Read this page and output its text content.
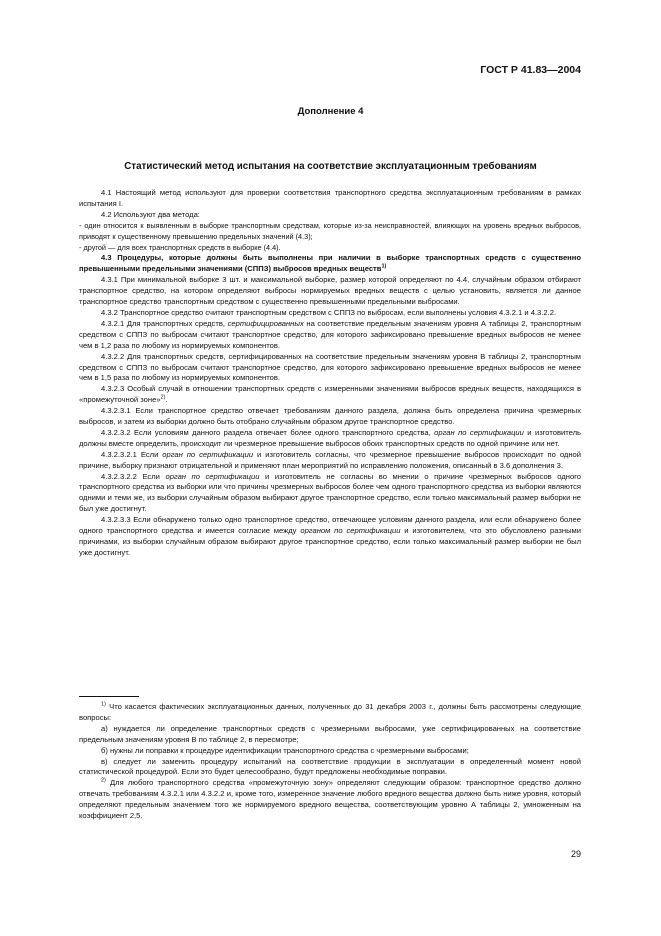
ГОСТ Р 41.83—2004
Дополнение 4
Статистический метод испытания на соответствие эксплуатационным требованиям

4.1 Настоящий метод используют для проверки соответствия транспортного средства эксплуатационным требованиям в рамках испытания I.

4.2 Используют два метода:

- один относится к выявленным в выборке транспортным средствам, которые из-за неисправностей, влияющих на уровень вредных выбросов, приводят к существенному превышению предельных значений (4.3);

- другой — для всех транспортных средств в выборке (4.4).

4.3 Процедуры, которые должны быть выполнены при наличии в выборке транспортных средств с существенно превышенными предельными значениями (СППЗ) выбросов вредных веществ$^{1)}$

4.3.1 При минимальной выборке 3 шт. и максимальной выборке, размер которой определяют по 4.4, случайным образом отбирают транспортное средство, на котором определяют выбросы нормируемых вредных веществ с целью установить, является ли данное транспортное средство транспортным средством с существенно превышенными предельными выбросами.

4.3.2 Транспортное средство считают транспортным средством с СППЗ по выбросам, если выполнены условия 4.3.2.1 и 4.3.2.2.

4.3.2.1 Для транспортных средств, сертифицированных на соответствие предельным значениям уровня А таблицы 2, транспортным средством с СППЗ по выбросам считают транспортное средство, для которого зафиксировано превышение вредных выбросов не менее чем в 1,2 раза по любому из нормируемых компонентов.

4.3.2.2 Для транспортных средств, сертифицированных на соответствие предельным значениям уровня В таблицы 2, транспортным средством с СППЗ по выбросам считают транспортное средство, для которого зафиксировано превышение вредных выбросов не менее чем в 1,5 раза по любому из нормируемых компонентов.

4.3.2.3 Особый случай в отношении транспортных средств с измеренными значениями выбросов вредных веществ, находящихся в «промежуточной зоне»$^{2)}$.

4.3.2.3.1 Если транспортное средство отвечает требованиям данного раздела, должна быть определена причина чрезмерных выбросов, и затем из выборки должно быть отобрано случайным образом другое транспортное средство.

4.3.2.3.2 Если условиям данного раздела отвечает более одного транспортного средства, орган по сертификации и изготовитель должны вместе определить, происходит ли чрезмерное превышение выбросов обоих транспортных средств по одной причине или нет.

4.3.2.3.2.1 Если орган по сертификации и изготовитель согласны, что чрезмерное превышение выбросов происходит по одной причине, выборку признают отрицательной и применяют план мероприятий по исправлению положения, описанный в 3.6 дополнения 3.

4.3.2.3.2.2 Если орган по сертификации и изготовитель не согласны во мнении о причине чрезмерных выбросов одного транспортного средства из выборки или что причины чрезмерных выбросов более чем одного транспортного средства из выборки являются одними и теми же, из выборки случайным образом выбирают другое транспортное средство, если только максимальный размер выборки не был уже достигнут.

4.3.2.3.3 Если обнаружено только одно транспортное средство, отвечающее условиям данного раздела, или если обнаружено более одного транспортного средства и имеется согласие между органом по сертификации и изготовителем, что это обусловлено разными причинами, из выборки случайным образом выбирают другое транспортное средство, если только максимальный размер выборки не был уже достигнут.

$^{1)}$ Что касается фактических эксплуатационных данных, полученных до 31 декабря 2003 г., должны быть рассмотрены следующие вопросы:

а) нуждается ли определение транспортных средств с чрезмерными выбросами, уже сертифицированных на соответствие предельным значениям уровня В по таблице 2, в пересмотре;

б) нужны ли поправки к процедуре идентификации транспортного средства с чрезмерными выбросами;

в) следует ли заменить процедуру испытаний на соответствие продукции в эксплуатации в определенный момент новой статистической процедурой. Если это будет целесообразно, будут предложены необходимые поправки.

$^{2)}$ Для любого транспортного средства «промежуточную зону» определяют следующим образом: транспортное средство должно отвечать требованиям 4.3.2.1 или 4.3.2.2 и, кроме того, измеренное значение любого вредного вещества должно быть ниже уровня, который определяют предельным значением того же нормируемого вредного вещества, соответствующим уровню А таблицы 2, умноженным на коэффициент 2,5.

29
